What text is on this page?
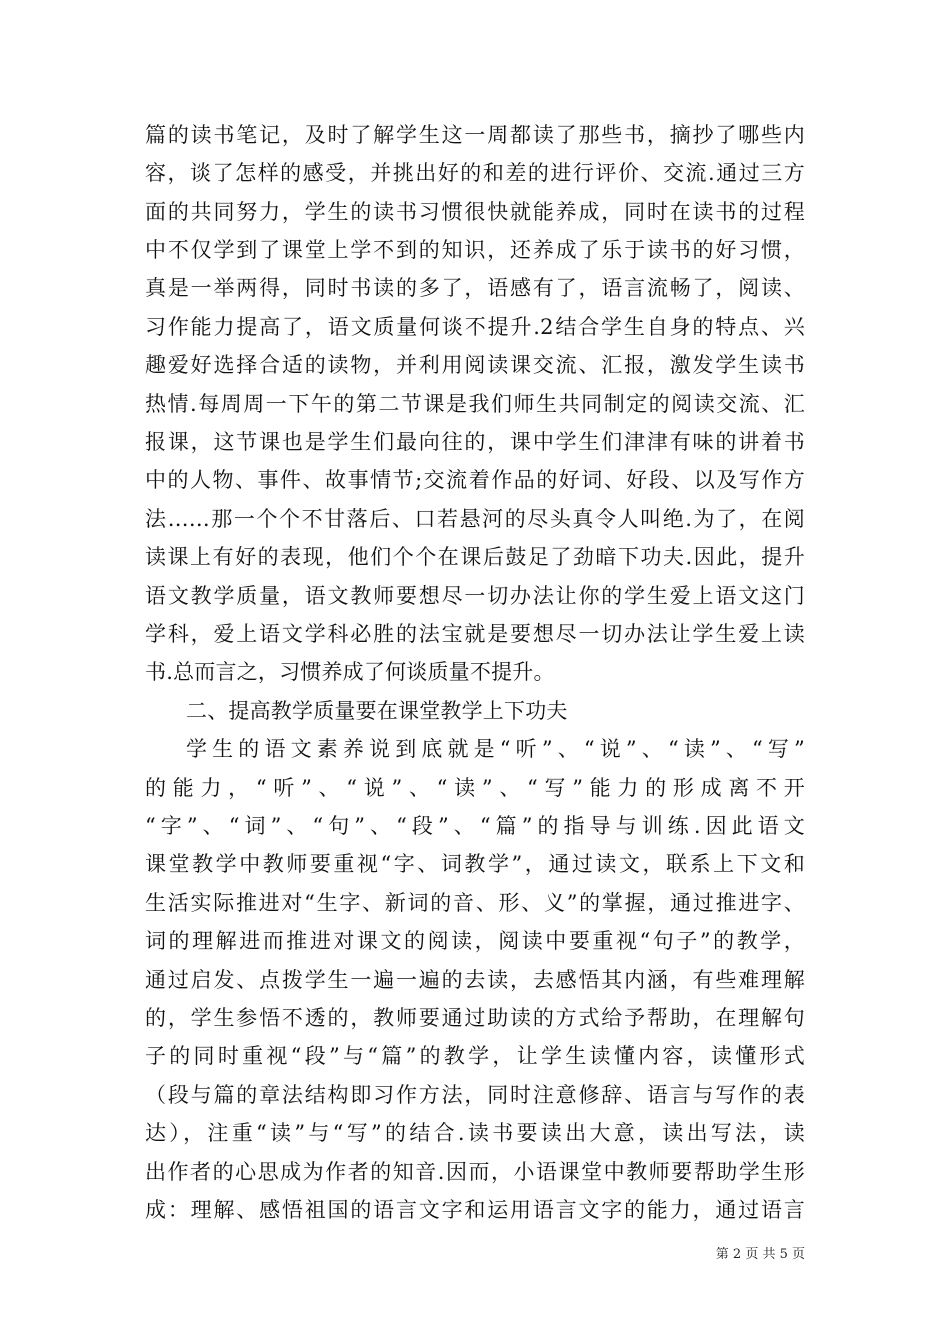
篇的读书笔记，及时了解学生这一周都读了那些书，摘抄了哪些内
容，谈了怎样的感受，并挑出好的和差的进行评价、交流.通过三方
面的共同努力，学生的读书习惯很快就能养成，同时在读书的过程
中不仅学到了课堂上学不到的知识，还养成了乐于读书的好习惯，
真是一举两得，同时书读的多了，语感有了，语言流畅了，阅读、
习作能力提高了，语文质量何谈不提升.2结合学生自身的特点、兴
趣爱好选择合适的读物，并利用阅读课交流、汇报，激发学生读书
热情.每周周一下午的第二节课是我们师生共同制定的阅读交流、汇
报课，这节课也是学生们最向往的，课中学生们津津有味的讲着书
中的人物、事件、故事情节;交流着作品的好词、好段、以及写作方
法……那一个个不甘落后、口若悬河的尽头真令人叫绝.为了，在阅
读课上有好的表现，他们个个在课后鼓足了劲暗下功夫.因此，提升
语文教学质量，语文教师要想尽一切办法让你的学生爱上语文这门
学科，爱上语文学科必胜的法宝就是要想尽一切办法让学生爱上读
书.总而言之，习惯养成了何谈质量不提升。
二、提高教学质量要在课堂教学上下功夫
学生的语文素养说到底就是“听”、“说”、“读”、“写”
的能力，“听”、“说”、“读”、“写”能力的形成离不开
“字”、“词”、“句”、“段”、“篇”的指导与训练.因此语文
课堂教学中教师要重视“字、词教学”，通过读文，联系上下文和
生活实际推进对“生字、新词的音、形、义”的掌握，通过推进字、
词的理解进而推进对课文的阅读，阅读中要重视“句子”的教学，
通过启发、点拨学生一遍一遍的去读，去感悟其内涵，有些难理解
的，学生参悟不透的，教师要通过助读的方式给予帮助，在理解句
子的同时重视“段”与“篇”的教学，让学生读懂内容，读懂形式
（段与篇的章法结构即习作方法，同时注意修辞、语言与写作的表
达），注重“读”与“写”的结合.读书要读出大意，读出写法，读
出作者的心思成为作者的知音.因而，小语课堂中教师要帮助学生形
成：理解、感悟祖国的语言文字和运用语言文字的能力，通过语言
第 2 页 共 5 页
